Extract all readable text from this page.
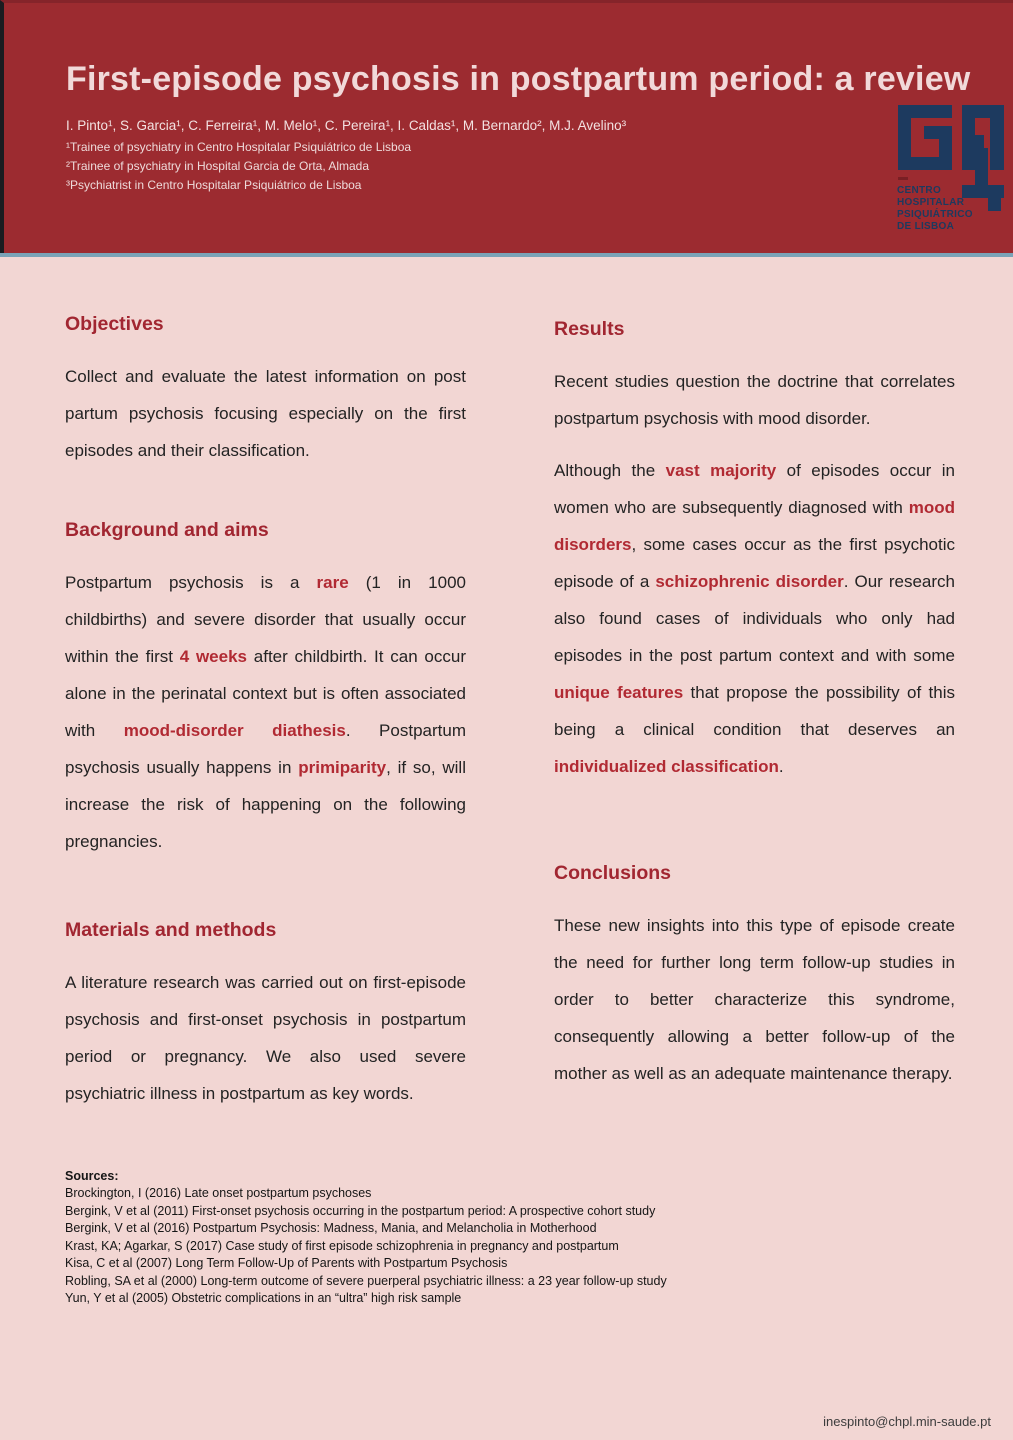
First-episode psychosis in postpartum period: a review
I. Pinto¹, S. Garcia¹, C. Ferreira¹, M. Melo¹, C. Pereira¹, I. Caldas¹, M. Bernardo², M.J. Avelino³
¹Trainee of psychiatry in Centro Hospitalar Psiquiátrico de Lisboa
²Trainee of psychiatry in Hospital Garcia de Orta, Almada
³Psychiatrist in Centro Hospitalar Psiquiátrico de Lisboa	CENTRO
HOSPITALAR
PSIQUIÁTRICO
DE LISBOA
Objectives

Collect and evaluate the latest information on post partum psychosis focusing especially on the first episodes and their classification.

Background and aims

Postpartum psychosis is a rare (1 in 1000 childbirths) and severe disorder that usually occur within the first 4 weeks after childbirth. It can occur alone in the perinatal context but is often associated with mood-disorder diathesis. Postpartum psychosis usually happens in primiparity, if so, will increase the risk of happening on the following pregnancies.

Materials and methods

A literature research was carried out on first-episode psychosis and first-onset psychosis in postpartum period or pregnancy. We also used severe psychiatric illness in postpartum as key words.

Results

Recent studies question the doctrine that correlates postpartum psychosis with mood disorder.

Although the vast majority of episodes occur in women who are subsequently diagnosed with mood disorders, some cases occur as the first psychotic episode of a schizophrenic disorder. Our research also found cases of individuals who only had episodes in the post partum context and with some unique features that propose the possibility of this being a clinical condition that deserves an individualized classification.

Conclusions

These new insights into this type of episode create the need for further long term follow-up studies in order to better characterize this syndrome, consequently allowing a better follow-up of the mother as well as an adequate maintenance therapy.

Sources:
Brockington, I (2016) Late onset postpartum psychoses
Bergink, V et al (2011) First-onset psychosis occurring in the postpartum period: A prospective cohort study
Bergink, V et al (2016) Postpartum Psychosis: Madness, Mania, and Melancholia in Motherhood
Krast, KA; Agarkar, S (2017) Case study of first episode schizophrenia in pregnancy and postpartum
Kisa, C et al (2007) Long Term Follow-Up of Parents with Postpartum Psychosis
Robling, SA et al (2000) Long-term outcome of severe puerperal psychiatric illness: a 23 year follow-up study
Yun, Y et al (2005) Obstetric complications in an “ultra” high risk sample
inespinto@chpl.min-saude.pt
